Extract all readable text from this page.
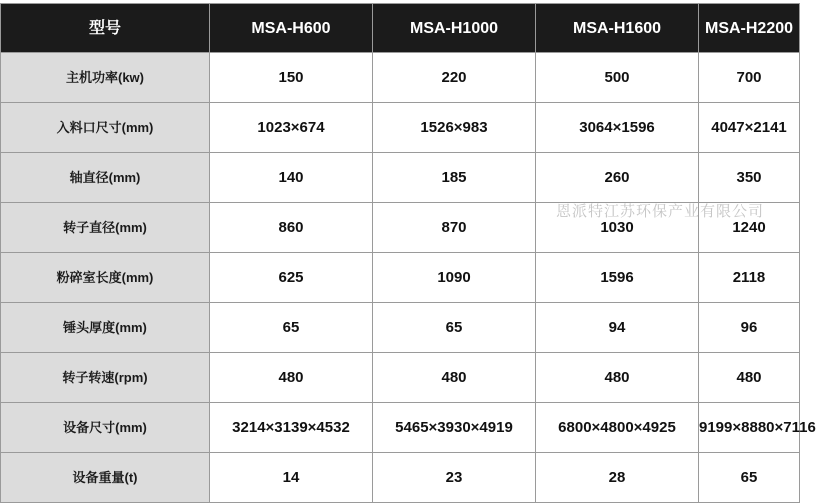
型号	MSA-H600	MSA-H1000	MSA-H1600	MSA-H2200
主机功率(kw)	150	220	500	700
入料口尺寸(mm)	1023×674	1526×983	3064×1596	4047×2141
轴直径(mm)	140	185	260	350
转子直径(mm)	860	870	1030	1240
粉碎室长度(mm)	625	1090	1596	2118
锤头厚度(mm)	65	65	94	96
转子转速(rpm)	480	480	480	480
设备尺寸(mm)	3214×3139×4532	5465×3930×4919	6800×4800×4925	9199×8880×7116
设备重量(t)	14	23	28	65
恩派特江苏环保产业有限公司
